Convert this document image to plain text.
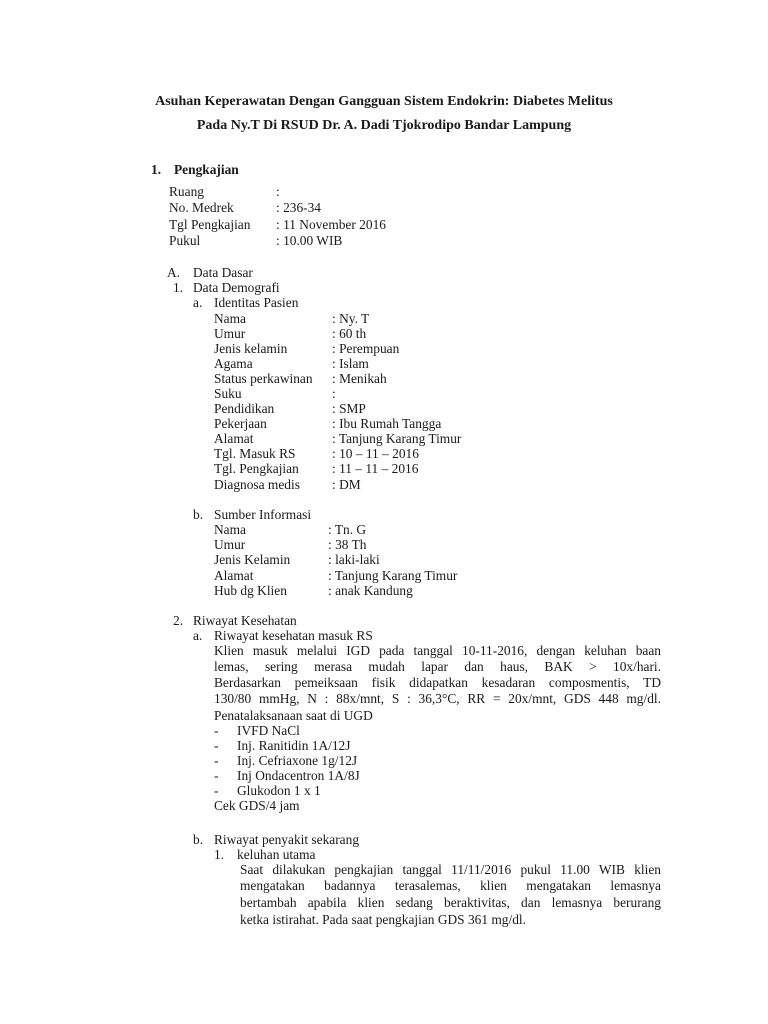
Asuhan Keperawatan Dengan Gangguan Sistem Endokrin: Diabetes Melitus
Pada Ny.T Di RSUD Dr. A. Dadi Tjokrodipo Bandar Lampung
1. Pengkajian
Ruang	:
No. Medrek	: 236-34
Tgl Pengkajian : 11 November 2016
Pukul	: 10.00 WIB
A. Data Dasar
1. Data Demografi
a. Identitas Pasien
Nama	: Ny. T
Umur	: 60 th
Jenis kelamin	: Perempuan
Agama	: Islam
Status perkawinan : Menikah
Suku	:
Pendidikan	: SMP
Pekerjaan	: Ibu Rumah Tangga
Alamat	: Tanjung Karang Timur
Tgl. Masuk RS	: 10 – 11 – 2016
Tgl. Pengkajian : 11 – 11 – 2016
Diagnosa medis : DM
b. Sumber Informasi
Nama	: Tn. G
Umur	: 38 Th
Jenis Kelamin	: laki-laki
Alamat	: Tanjung Karang Timur
Hub dg Klien	: anak Kandung
2. Riwayat Kesehatan
a. Riwayat kesehatan masuk RS
Klien masuk melalui IGD pada tanggal 10-11-2016, dengan keluhan baan
lemas, sering merasa mudah lapar dan haus, BAK > 10x/hari.
Berdasarkan pemeiksaan fisik didapatkan kesadaran composmentis, TD
130/80 mmHg, N : 88x/mnt, S : 36,3°C, RR = 20x/mnt, GDS 448 mg/dl.
Penatalaksanaan saat di UGD
- IVFD NaCl
- Inj. Ranitidin 1A/12J
- Inj. Cefriaxone 1g/12J
- Inj Ondacentron 1A/8J
- Glukodon 1 x 1
Cek GDS/4 jam
b. Riwayat penyakit sekarang
1. keluhan utama
Saat dilakukan pengkajian tanggal 11/11/2016 pukul 11.00 WIB klien
mengatakan badannya terasalemas, klien mengatakan lemasnya
bertambah apabila klien sedang beraktivitas, dan lemasnya berurang
ketka istirahat. Pada saat pengkajian GDS 361 mg/dl.
